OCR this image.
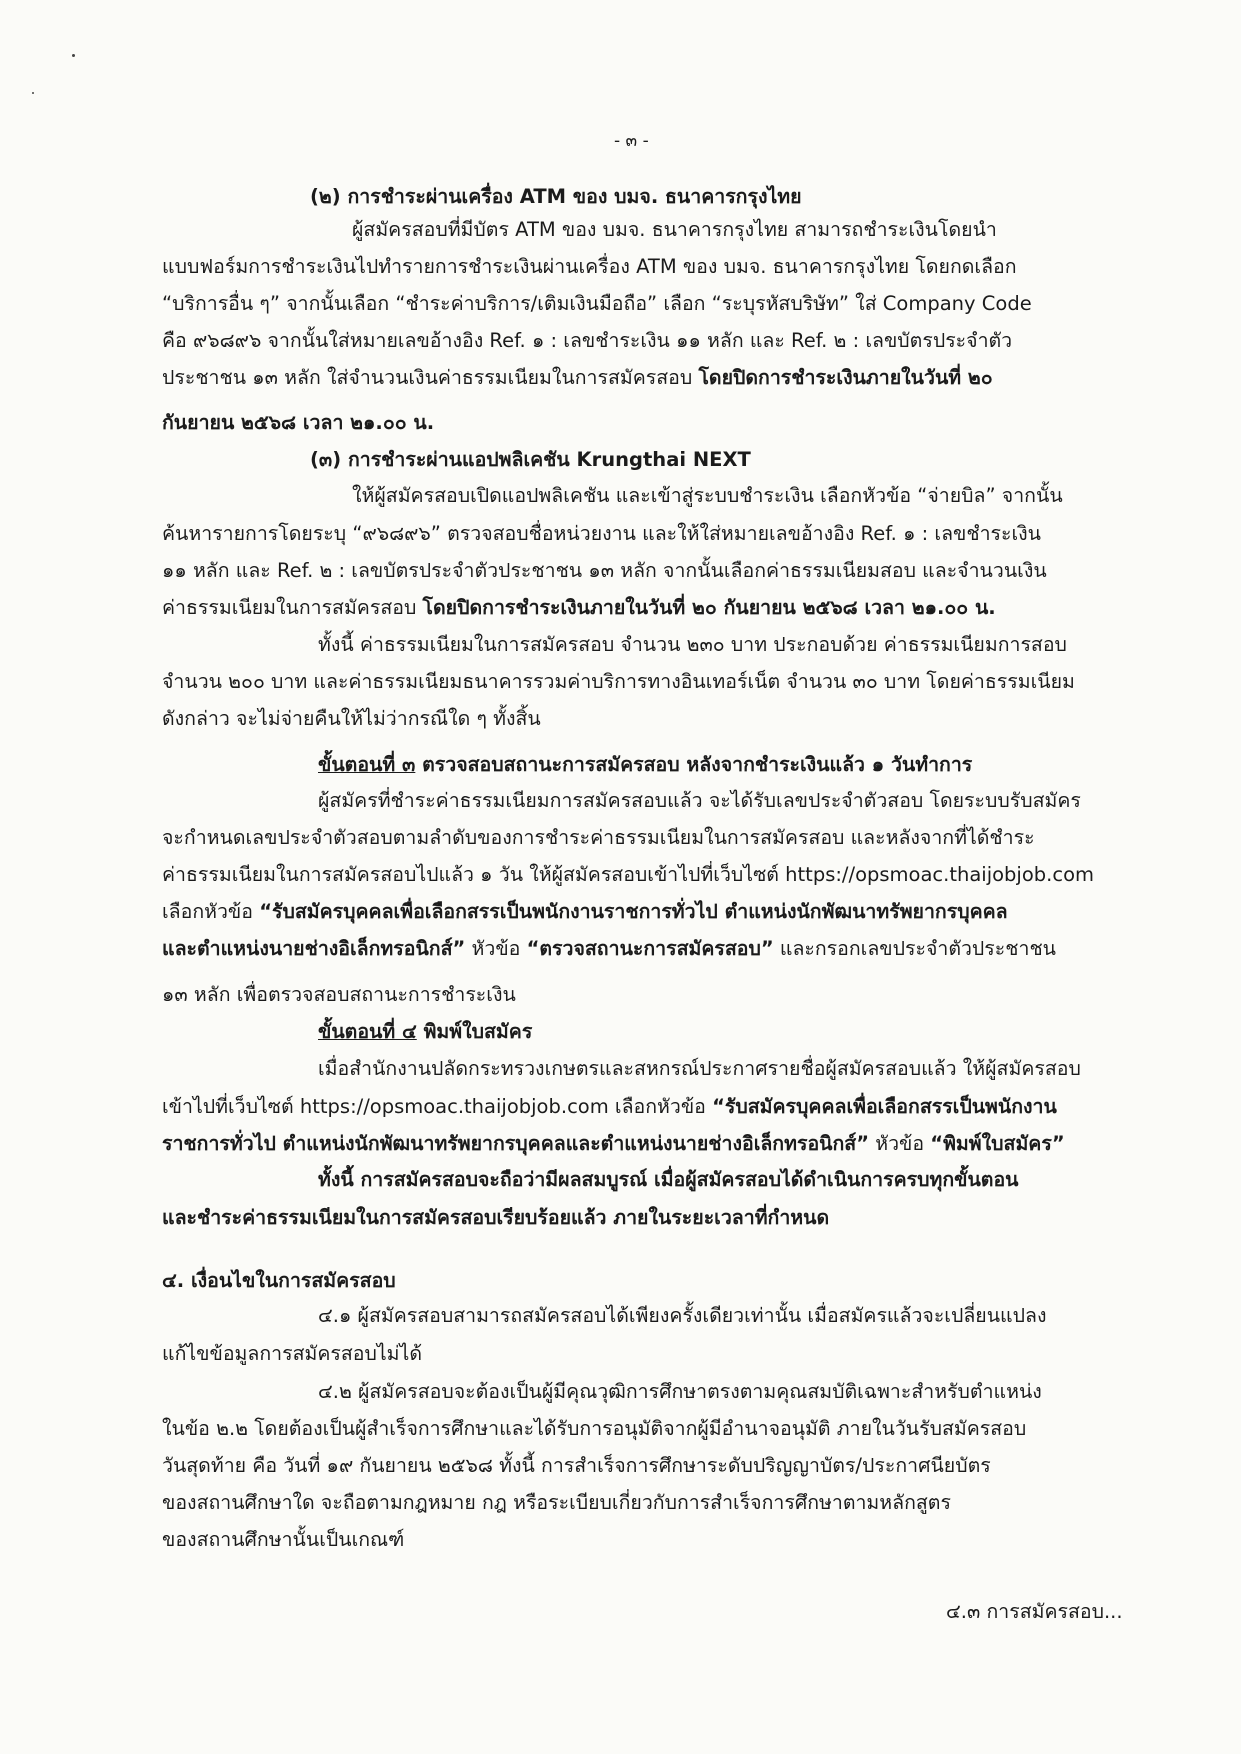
- ๓ -
(๒) การชำระผ่านเครื่อง ATM ของ บมจ. ธนาคารกรุงไทย
ผู้สมัครสอบที่มีบัตร ATM ของ บมจ. ธนาคารกรุงไทย สามารถชำระเงินโดยนำ
แบบฟอร์มการชำระเงินไปทำรายการชำระเงินผ่านเครื่อง ATM ของ บมจ. ธนาคารกรุงไทย โดยกดเลือก
“บริการอื่น ๆ” จากนั้นเลือก “ชำระค่าบริการ/เติมเงินมือถือ” เลือก “ระบุรหัสบริษัท” ใส่ Company Code
คือ ๙๖๘๙๖ จากนั้นใส่หมายเลขอ้างอิง Ref. ๑ : เลขชำระเงิน ๑๑ หลัก และ Ref. ๒ : เลขบัตรประจำตัว
ประชาชน ๑๓ หลัก ใส่จำนวนเงินค่าธรรมเนียมในการสมัครสอบ โดยปิดการชำระเงินภายในวันที่ ๒๐
กันยายน ๒๕๖๘ เวลา ๒๑.๐๐ น.
(๓) การชำระผ่านแอปพลิเคชัน Krungthai NEXT
ให้ผู้สมัครสอบเปิดแอปพลิเคชัน และเข้าสู่ระบบชำระเงิน เลือกหัวข้อ “จ่ายบิล” จากนั้น
ค้นหารายการโดยระบุ “๙๖๘๙๖” ตรวจสอบชื่อหน่วยงาน และให้ใส่หมายเลขอ้างอิง Ref. ๑ : เลขชำระเงิน
๑๑ หลัก และ Ref. ๒ : เลขบัตรประจำตัวประชาชน ๑๓ หลัก จากนั้นเลือกค่าธรรมเนียมสอบ และจำนวนเงิน
ค่าธรรมเนียมในการสมัครสอบ โดยปิดการชำระเงินภายในวันที่ ๒๐ กันยายน ๒๕๖๘ เวลา ๒๑.๐๐ น.
ทั้งนี้ ค่าธรรมเนียมในการสมัครสอบ จำนวน ๒๓๐ บาท ประกอบด้วย ค่าธรรมเนียมการสอบ
จำนวน ๒๐๐ บาท และค่าธรรมเนียมธนาคารรวมค่าบริการทางอินเทอร์เน็ต จำนวน ๓๐ บาท โดยค่าธรรมเนียม
ดังกล่าว จะไม่จ่ายคืนให้ไม่ว่ากรณีใด ๆ ทั้งสิ้น
ขั้นตอนที่ ๓ ตรวจสอบสถานะการสมัครสอบ หลังจากชำระเงินแล้ว ๑ วันทำการ
ผู้สมัครที่ชำระค่าธรรมเนียมการสมัครสอบแล้ว จะได้รับเลขประจำตัวสอบ โดยระบบรับสมัคร
จะกำหนดเลขประจำตัวสอบตามลำดับของการชำระค่าธรรมเนียมในการสมัครสอบ และหลังจากที่ได้ชำระ
ค่าธรรมเนียมในการสมัครสอบไปแล้ว ๑ วัน ให้ผู้สมัครสอบเข้าไปที่เว็บไซต์ https://opsmoac.thaijobjob.com
เลือกหัวข้อ “รับสมัครบุคคลเพื่อเลือกสรรเป็นพนักงานราชการทั่วไป ตำแหน่งนักพัฒนาทรัพยากรบุคคล
และตำแหน่งนายช่างอิเล็กทรอนิกส์” หัวข้อ “ตรวจสถานะการสมัครสอบ” และกรอกเลขประจำตัวประชาชน
๑๓ หลัก เพื่อตรวจสอบสถานะการชำระเงิน
ขั้นตอนที่ ๔ พิมพ์ใบสมัคร
เมื่อสำนักงานปลัดกระทรวงเกษตรและสหกรณ์ประกาศรายชื่อผู้สมัครสอบแล้ว ให้ผู้สมัครสอบ
เข้าไปที่เว็บไซต์ https://opsmoac.thaijobjob.com เลือกหัวข้อ “รับสมัครบุคคลเพื่อเลือกสรรเป็นพนักงาน
ราชการทั่วไป ตำแหน่งนักพัฒนาทรัพยากรบุคคลและตำแหน่งนายช่างอิเล็กทรอนิกส์” หัวข้อ “พิมพ์ใบสมัคร”
ทั้งนี้ การสมัครสอบจะถือว่ามีผลสมบูรณ์ เมื่อผู้สมัครสอบได้ดำเนินการครบทุกขั้นตอน
และชำระค่าธรรมเนียมในการสมัครสอบเรียบร้อยแล้ว ภายในระยะเวลาที่กำหนด
๔. เงื่อนไขในการสมัครสอบ
๔.๑ ผู้สมัครสอบสามารถสมัครสอบได้เพียงครั้งเดียวเท่านั้น เมื่อสมัครแล้วจะเปลี่ยนแปลง
แก้ไขข้อมูลการสมัครสอบไม่ได้
๔.๒ ผู้สมัครสอบจะต้องเป็นผู้มีคุณวุฒิการศึกษาตรงตามคุณสมบัติเฉพาะสำหรับตำแหน่ง
ในข้อ ๒.๒ โดยต้องเป็นผู้สำเร็จการศึกษาและได้รับการอนุมัติจากผู้มีอำนาจอนุมัติ ภายในวันรับสมัครสอบ
วันสุดท้าย คือ วันที่ ๑๙ กันยายน ๒๕๖๘ ทั้งนี้ การสำเร็จการศึกษาระดับปริญญาบัตร/ประกาศนียบัตร
ของสถานศึกษาใด จะถือตามกฎหมาย กฎ หรือระเบียบเกี่ยวกับการสำเร็จการศึกษาตามหลักสูตร
ของสถานศึกษานั้นเป็นเกณฑ์
๔.๓ การสมัครสอบ...
